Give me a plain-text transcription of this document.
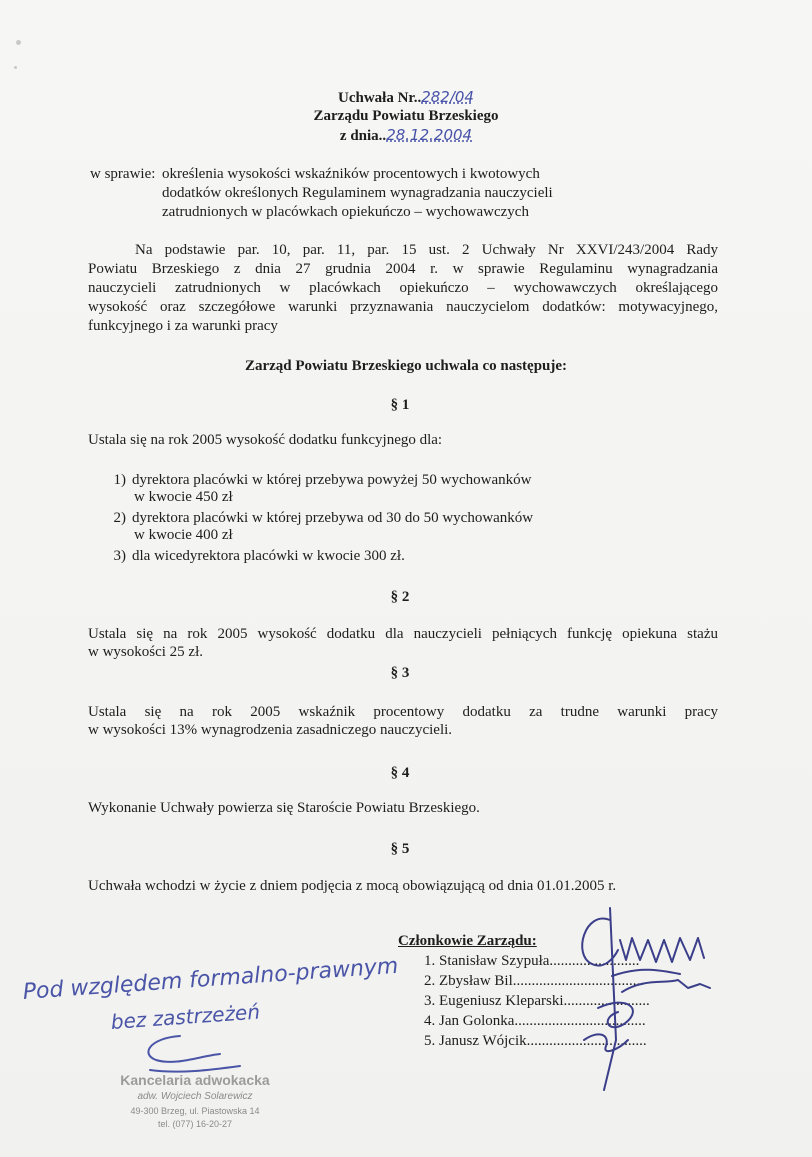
Uchwała Nr..282/04
Zarządu Powiatu Brzeskiego
z dnia..28.12.2004
w sprawie: określenia wysokości wskaźników procentowych i kwotowych
dodatków określonych Regulaminem wynagradzania nauczycieli
zatrudnionych w placówkach opiekuńczo – wychowawczych
Na podstawie par. 10, par. 11, par. 15 ust. 2 Uchwały Nr XXVI/243/2004 Rady
Powiatu Brzeskiego z dnia 27 grudnia 2004 r. w sprawie Regulaminu wynagradzania
nauczycieli zatrudnionych w placówkach opiekuńczo – wychowawczych określającego
wysokość oraz szczegółowe warunki przyznawania nauczycielom dodatków: motywacyjnego,
funkcyjnego i za warunki pracy
Zarząd Powiatu Brzeskiego uchwala co następuje:
§ 1
Ustala się na rok 2005 wysokość dodatku funkcyjnego dla:
1) dyrektora placówki w której przebywa powyżej 50 wychowanków
w kwocie 450 zł
2) dyrektora placówki w której przebywa od 30 do 50 wychowanków
w kwocie 400 zł
3) dla wicedyrektora placówki w kwocie 300 zł.
§ 2
Ustala się na rok 2005 wysokość dodatku dla nauczycieli pełniących funkcję opiekuna stażu
w wysokości 25 zł.
§ 3
Ustala się na rok 2005 wskaźnik procentowy dodatku za trudne warunki pracy
w wysokości 13% wynagrodzenia zasadniczego nauczycieli.
§ 4
Wykonanie Uchwały powierza się Staroście Powiatu Brzeskiego.
§ 5
Uchwała wchodzi w życie z dniem podjęcia z mocą obowiązującą od dnia 01.01.2005 r.
Członkowie Zarządu:
1. Stanisław Szypuła........................
2. Zbysław Bil...................................
3. Eugeniusz Kleparski.......................
4. Jan Golonka...................................
5. Janusz Wójcik................................
Pod względem formalno-prawnym
bez zastrzeżeń
Kancelaria adwokacka
adw. Wojciech Solarewicz
49-300 Brzeg, ul. Piastowska 14
tel. (077) 16-20-27
